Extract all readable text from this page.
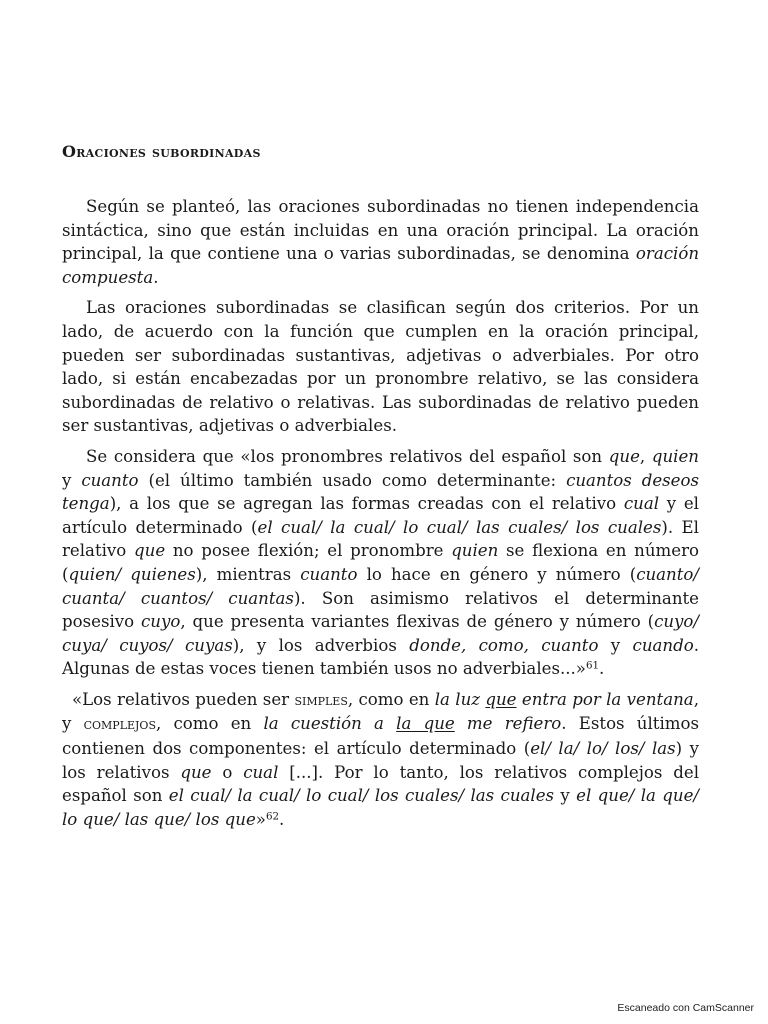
Oraciones subordinadas

Según se planteó, las oraciones subordinadas no tienen independencia sintáctica, sino que están incluidas en una oración principal. La oración principal, la que contiene una o varias subordinadas, se denomina oración compuesta.

Las oraciones subordinadas se clasifican según dos criterios. Por un lado, de acuerdo con la función que cumplen en la oración principal, pueden ser subordinadas sustantivas, adjetivas o adverbiales. Por otro lado, si están encabezadas por un pronombre relativo, se las considera subordinadas de relativo o relativas. Las subordinadas de relativo pueden ser sustantivas, adjetivas o adverbiales.

Se considera que «los pronombres relativos del español son que, quien y cuanto (el último también usado como determinante: cuantos deseos tenga), a los que se agregan las formas creadas con el relativo cual y el artículo determinado (el cual/ la cual/ lo cual/ las cuales/ los cuales). El relativo que no posee flexión; el pronombre quien se flexiona en número (quien/ quienes), mientras cuanto lo hace en género y número (cuanto/ cuanta/ cuantos/ cuantas). Son asimismo relativos el determinante posesivo cuyo, que presenta variantes flexivas de género y número (cuyo/ cuya/ cuyos/ cuyas), y los adverbios donde, como, cuanto y cuando. Algunas de estas voces tienen también usos no adverbiales...»$^{61}$.

«Los relativos pueden ser simples, como en la luz que entra por la ventana, y complejos, como en la cuestión a la que me refiero. Estos últimos contienen dos componentes: el artículo determinado (el/ la/ lo/ los/ las) y los relativos que o cual [...]. Por lo tanto, los relativos complejos del español son el cual/ la cual/ lo cual/ los cuales/ las cuales y el que/ la que/ lo que/ las que/ los que»$^{62}$.

Escaneado con CamScanner
